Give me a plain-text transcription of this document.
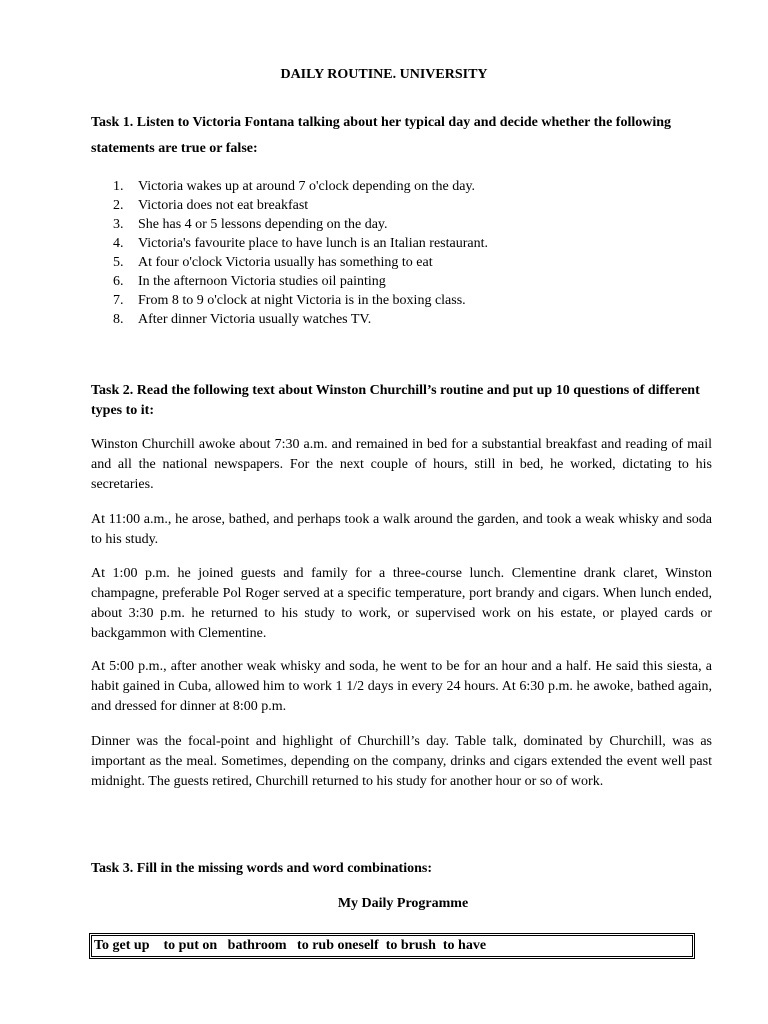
DAILY ROUTINE. UNIVERSITY

Task 1. Listen to Victoria Fontana talking about her typical day and decide whether the following statements are true or false:

1.	Victoria wakes up at around 7 o'clock depending on the day.
2.	Victoria does not eat breakfast
3.	She has 4 or 5 lessons depending on the day.
4.	Victoria's favourite place to have lunch is an Italian restaurant.
5.	At four o'clock Victoria usually has something to eat
6.	In the afternoon Victoria studies oil painting
7.	From 8 to 9 o'clock at night Victoria is in the boxing class.
8.	After dinner Victoria usually watches TV.

Task 2. Read the following text about Winston Churchill’s routine and put up 10 questions of different types to it:

Winston Churchill awoke about 7:30 a.m. and remained in bed for a substantial breakfast and reading of mail and all the national newspapers. For the next couple of hours, still in bed, he worked, dictating to his secretaries.

At 11:00 a.m., he arose, bathed, and perhaps took a walk around the garden, and took a weak whisky and soda to his study.

At 1:00 p.m. he joined guests and family for a three-course lunch. Clementine drank claret, Winston champagne, preferable Pol Roger served at a specific temperature, port brandy and cigars. When lunch ended, about 3:30 p.m. he returned to his study to work, or supervised work on his estate, or played cards or backgammon with Clementine.

At 5:00 p.m., after another weak whisky and soda, he went to be for an hour and a half. He said this siesta, a habit gained in Cuba, allowed him to work 1 1/2 days in every 24 hours. At 6:30 p.m. he awoke, bathed again, and dressed for dinner at 8:00 p.m.

Dinner was the focal-point and highlight of Churchill’s day. Table talk, dominated by Churchill, was as important as the meal. Sometimes, depending on the company, drinks and cigars extended the event well past midnight. The guests retired, Churchill returned to his study for another hour or so of work.

Task 3. Fill in the missing words and word combinations:

My Daily Programme

To get up    to put on   bathroom   to rub oneself  to brush  to have
